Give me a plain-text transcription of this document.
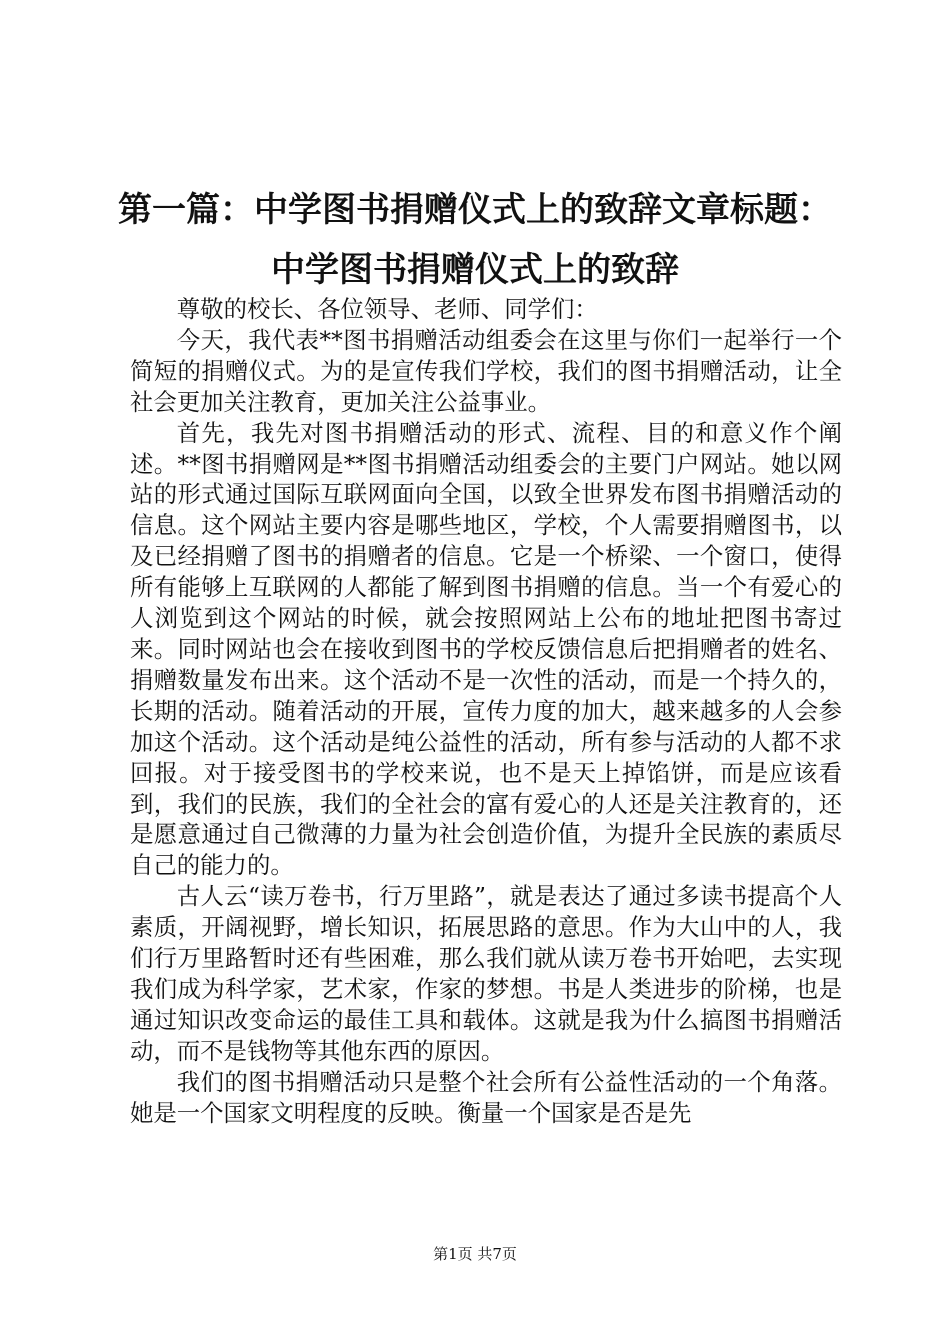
第一篇：中学图书捐赠仪式上的致辞文章标题：
中学图书捐赠仪式上的致辞

尊敬的校长、各位领导、老师、同学们：

今天，我代表**图书捐赠活动组委会在这里与你们一起举行一个简短的捐赠仪式。为的是宣传我们学校，我们的图书捐赠活动，让全社会更加关注教育，更加关注公益事业。

首先，我先对图书捐赠活动的形式、流程、目的和意义作个阐述。**图书捐赠网是**图书捐赠活动组委会的主要门户网站。她以网站的形式通过国际互联网面向全国，以致全世界发布图书捐赠活动的信息。这个网站主要内容是哪些地区，学校，个人需要捐赠图书，以及已经捐赠了图书的捐赠者的信息。它是一个桥梁、一个窗口，使得所有能够上互联网的人都能了解到图书捐赠的信息。当一个有爱心的人浏览到这个网站的时候，就会按照网站上公布的地址把图书寄过来。同时网站也会在接收到图书的学校反馈信息后把捐赠者的姓名、捐赠数量发布出来。这个活动不是一次性的活动，而是一个持久的，长期的活动。随着活动的开展，宣传力度的加大，越来越多的人会参加这个活动。这个活动是纯公益性的活动，所有参与活动的人都不求回报。对于接受图书的学校来说，也不是天上掉馅饼，而是应该看到，我们的民族，我们的全社会的富有爱心的人还是关注教育的，还是愿意通过自己微薄的力量为社会创造价值，为提升全民族的素质尽自己的能力的。

古人云“读万卷书，行万里路”，就是表达了通过多读书提高个人素质，开阔视野，增长知识，拓展思路的意思。作为大山中的人，我们行万里路暂时还有些困难，那么我们就从读万卷书开始吧，去实现我们成为科学家，艺术家，作家的梦想。书是人类进步的阶梯，也是通过知识改变命运的最佳工具和载体。这就是我为什么搞图书捐赠活动，而不是钱物等其他东西的原因。

我们的图书捐赠活动只是整个社会所有公益性活动的一个角落。她是一个国家文明程度的反映。衡量一个国家是否是先

第1页 共7页
